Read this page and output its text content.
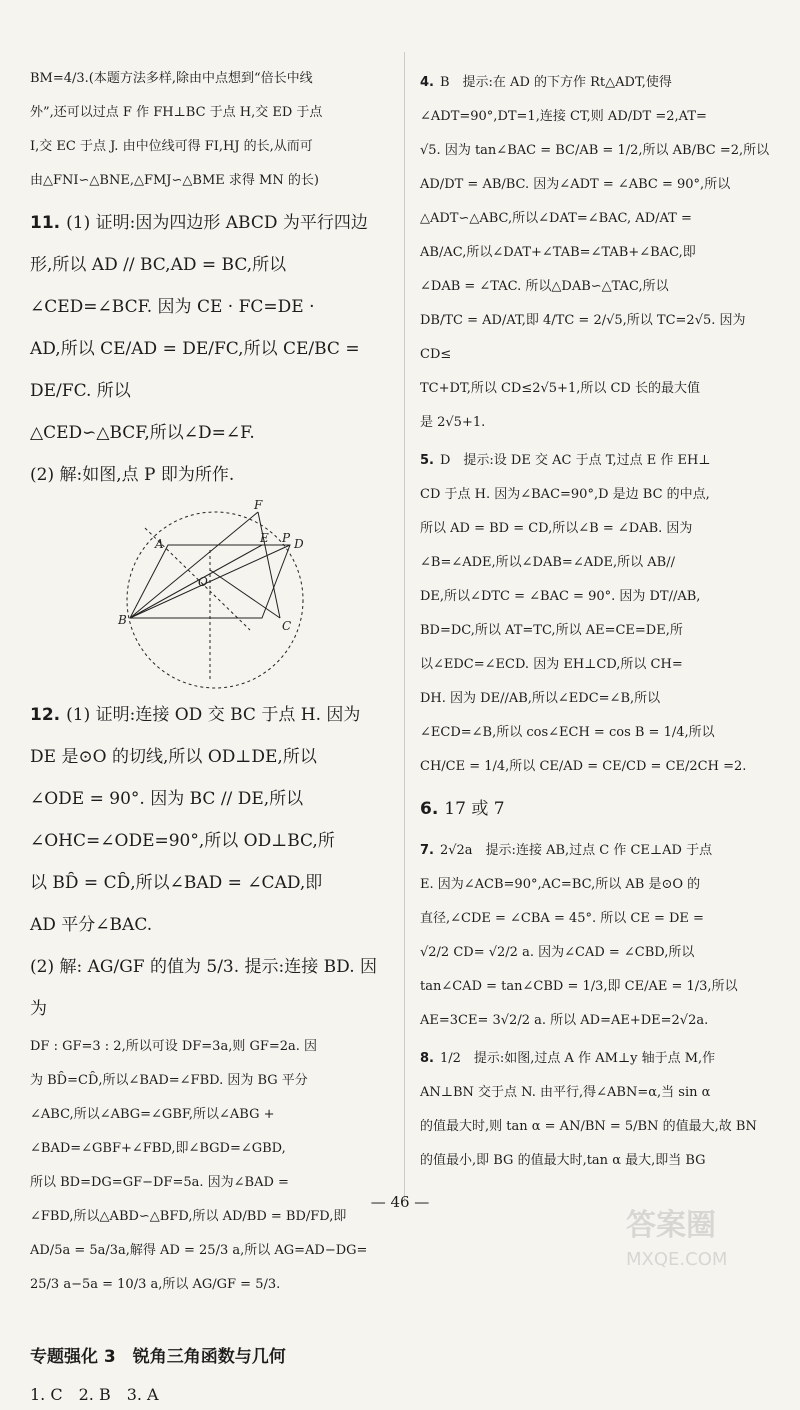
BM=4/3.(本题方法多样,除由中点想到“倍长中线

外”,还可以过点 F 作 FH⊥BC 于点 H,交 ED 于点

I,交 EC 于点 J. 由中位线可得 FI,HJ 的长,从而可

由△FNI∽△BNE,△FMJ∽△BME 求得 MN 的长)

11. (1) 证明:因为四边形 ABCD 为平行四边

形,所以 AD // BC,AD = BC,所以

∠CED=∠BCF. 因为 CE · FC=DE ·

AD,所以 CE/AD = DE/FC,所以 CE/BC = DE/FC. 所以

△CED∽△BCF,所以∠D=∠F.

(2) 解:如图,点 P 即为所作.

F
A	E P D
O
B	C

12. (1) 证明:连接 OD 交 BC 于点 H. 因为

DE 是⊙O 的切线,所以 OD⊥DE,所以

∠ODE = 90°. 因为 BC // DE,所以

∠OHC=∠ODE=90°,所以 OD⊥BC,所

以 BD̑ = CD̑,所以∠BAD = ∠CAD,即

AD 平分∠BAC.

(2) 解: AG/GF 的值为 5/3. 提示:连接 BD. 因为

DF : GF=3 : 2,所以可设 DF=3a,则 GF=2a. 因

为 BD̑=CD̑,所以∠BAD=∠FBD. 因为 BG 平分

∠ABC,所以∠ABG=∠GBF,所以∠ABG +

∠BAD=∠GBF+∠FBD,即∠BGD=∠GBD,

所以 BD=DG=GF−DF=5a. 因为∠BAD =

∠FBD,所以△ABD∽△BFD,所以 AD/BD = BD/FD,即

AD/5a = 5a/3a,解得 AD = 25/3 a,所以 AG=AD−DG=

25/3 a−5a = 10/3 a,所以 AG/GF = 5/3.

专题强化 3　锐角三角函数与几何

1. C 2. B 3. A

4. B　提示:在 AD 的下方作 Rt△ADT,使得

∠ADT=90°,DT=1,连接 CT,则 AD/DT =2,AT=

√5. 因为 tan∠BAC = BC/AB = 1/2,所以 AB/BC =2,所以

AD/DT = AB/BC. 因为∠ADT = ∠ABC = 90°,所以

△ADT∽△ABC,所以∠DAT=∠BAC, AD/AT =

AB/AC,所以∠DAT+∠TAB=∠TAB+∠BAC,即

∠DAB = ∠TAC. 所以△DAB∽△TAC,所以

DB/TC = AD/AT,即 4/TC = 2/√5,所以 TC=2√5. 因为 CD≤

TC+DT,所以 CD≤2√5+1,所以 CD 长的最大值

是 2√5+1.

5. D　提示:设 DE 交 AC 于点 T,过点 E 作 EH⊥

CD 于点 H. 因为∠BAC=90°,D 是边 BC 的中点,

所以 AD = BD = CD,所以∠B = ∠DAB. 因为

∠B=∠ADE,所以∠DAB=∠ADE,所以 AB//

DE,所以∠DTC = ∠BAC = 90°. 因为 DT//AB,

BD=DC,所以 AT=TC,所以 AE=CE=DE,所

以∠EDC=∠ECD. 因为 EH⊥CD,所以 CH=

DH. 因为 DE//AB,所以∠EDC=∠B,所以

∠ECD=∠B,所以 cos∠ECH = cos B = 1/4,所以

CH/CE = 1/4,所以 CE/AD = CE/CD = CE/2CH =2.

6. 17 或 7

7. 2√2a　提示:连接 AB,过点 C 作 CE⊥AD 于点

E. 因为∠ACB=90°,AC=BC,所以 AB 是⊙O 的

直径,∠CDE = ∠CBA = 45°. 所以 CE = DE =

√2/2 CD= √2/2 a. 因为∠CAD = ∠CBD,所以

tan∠CAD = tan∠CBD = 1/3,即 CE/AE = 1/3,所以

AE=3CE= 3√2/2 a. 所以 AD=AE+DE=2√2a.

8. 1/2　提示:如图,过点 A 作 AM⊥y 轴于点 M,作

AN⊥BN 交于点 N. 由平行,得∠ABN=α,当 sin α

的值最大时,则 tan α = AN/BN = 5/BN 的值最大,故 BN

的值最小,即 BG 的值最大时,tan α 最大,即当 BG

— 46 —

答案圈
MXQE.COM
